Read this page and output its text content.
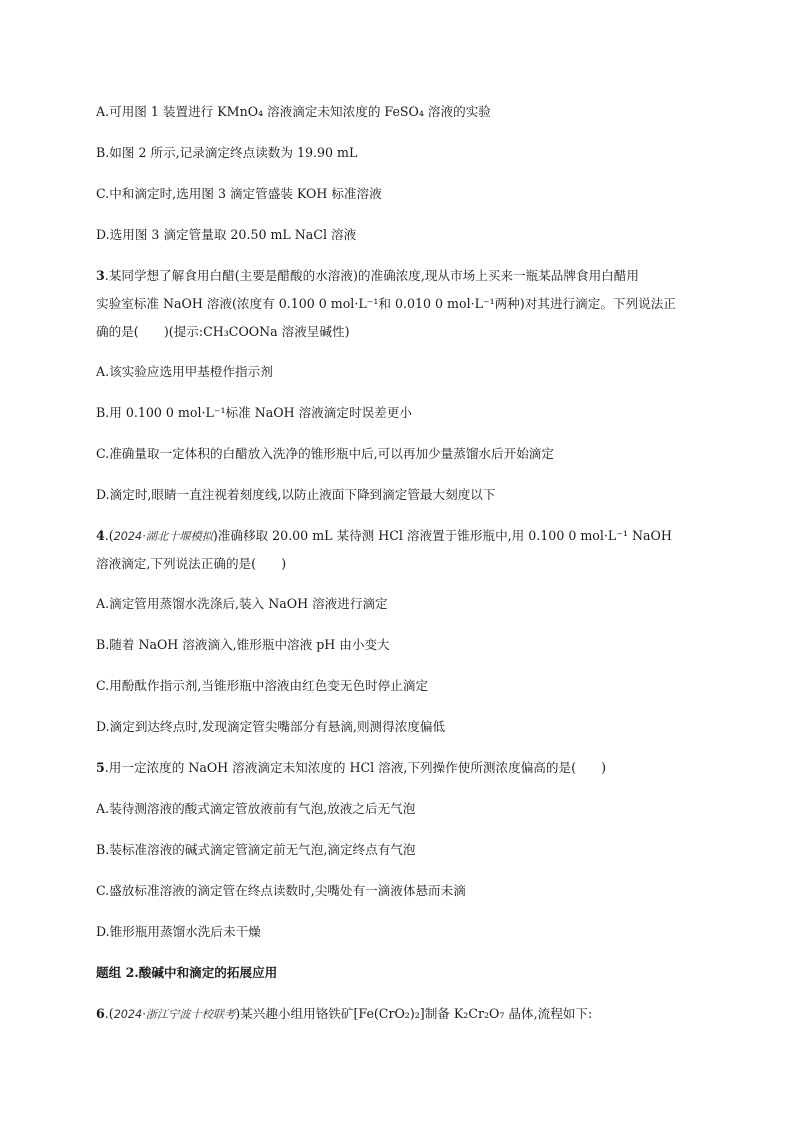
A.可用图 1 装置进行 KMnO₄ 溶液滴定未知浓度的 FeSO₄ 溶液的实验
B.如图 2 所示,记录滴定终点读数为 19.90 mL
C.中和滴定时,选用图 3 滴定管盛装 KOH 标准溶液
D.选用图 3 滴定管量取 20.50 mL NaCl 溶液
3.某同学想了解食用白醋(主要是醋酸的水溶液)的准确浓度,现从市场上买来一瓶某品牌食用白醋用
实验室标准 NaOH 溶液(浓度有 0.100 0 mol·L⁻¹和 0.010 0 mol·L⁻¹两种)对其进行滴定。下列说法正
确的是(　　)(提示:CH₃COONa 溶液呈碱性)
A.该实验应选用甲基橙作指示剂
B.用 0.100 0 mol·L⁻¹标准 NaOH 溶液滴定时误差更小
C.准确量取一定体积的白醋放入洗净的锥形瓶中后,可以再加少量蒸馏水后开始滴定
D.滴定时,眼睛一直注视着刻度线,以防止液面下降到滴定管最大刻度以下
4.(2024·湖北十堰模拟)准确移取 20.00 mL 某待测 HCl 溶液置于锥形瓶中,用 0.100 0 mol·L⁻¹ NaOH
溶液滴定,下列说法正确的是(　　)
A.滴定管用蒸馏水洗涤后,装入 NaOH 溶液进行滴定
B.随着 NaOH 溶液滴入,锥形瓶中溶液 pH 由小变大
C.用酚酞作指示剂,当锥形瓶中溶液由红色变无色时停止滴定
D.滴定到达终点时,发现滴定管尖嘴部分有悬滴,则测得浓度偏低
5.用一定浓度的 NaOH 溶液滴定未知浓度的 HCl 溶液,下列操作使所测浓度偏高的是(　　)
A.装待测溶液的酸式滴定管放液前有气泡,放液之后无气泡
B.装标准溶液的碱式滴定管滴定前无气泡,滴定终点有气泡
C.盛放标准溶液的滴定管在终点读数时,尖嘴处有一滴液体悬而未滴
D.锥形瓶用蒸馏水洗后未干燥
题组 2.酸碱中和滴定的拓展应用
6.(2024·浙江宁波十校联考)某兴趣小组用铬铁矿[Fe(CrO₂)₂]制备 K₂Cr₂O₇ 晶体,流程如下:
